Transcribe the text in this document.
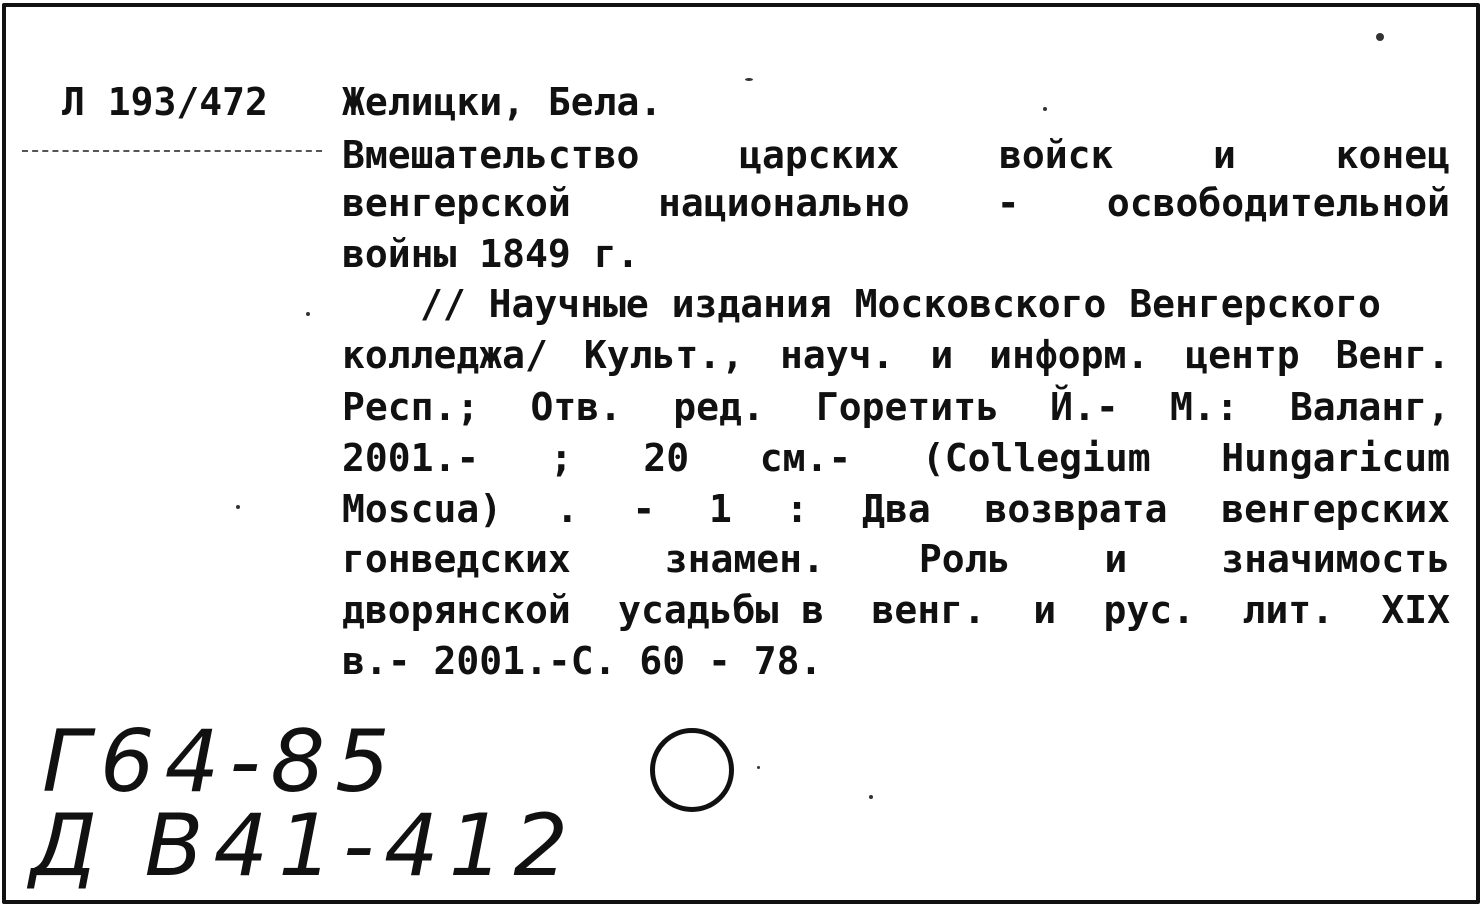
Л 193/472 Желицки, Бела.
Вмешательство	царских	войск	и	конец
венгерской национально - освободительной
войны 1849 г.
// Научные издания Московского Венгерского
колледжа/ Культ., науч. и информ. центр Венг.
Респ.; Отв. ред. Горетить Й.- М.: Валанг,
2001.- ; 20 см.- (Collegium Hungaricum
Moscua) . - 1 : Два возврата венгерских
гонведских знамен. Роль и значимость
дворянской усадьбы в венг. и рус. лит. XIX
в.- 2001.-С. 60 - 78.
Г64-85
Д В41-412
